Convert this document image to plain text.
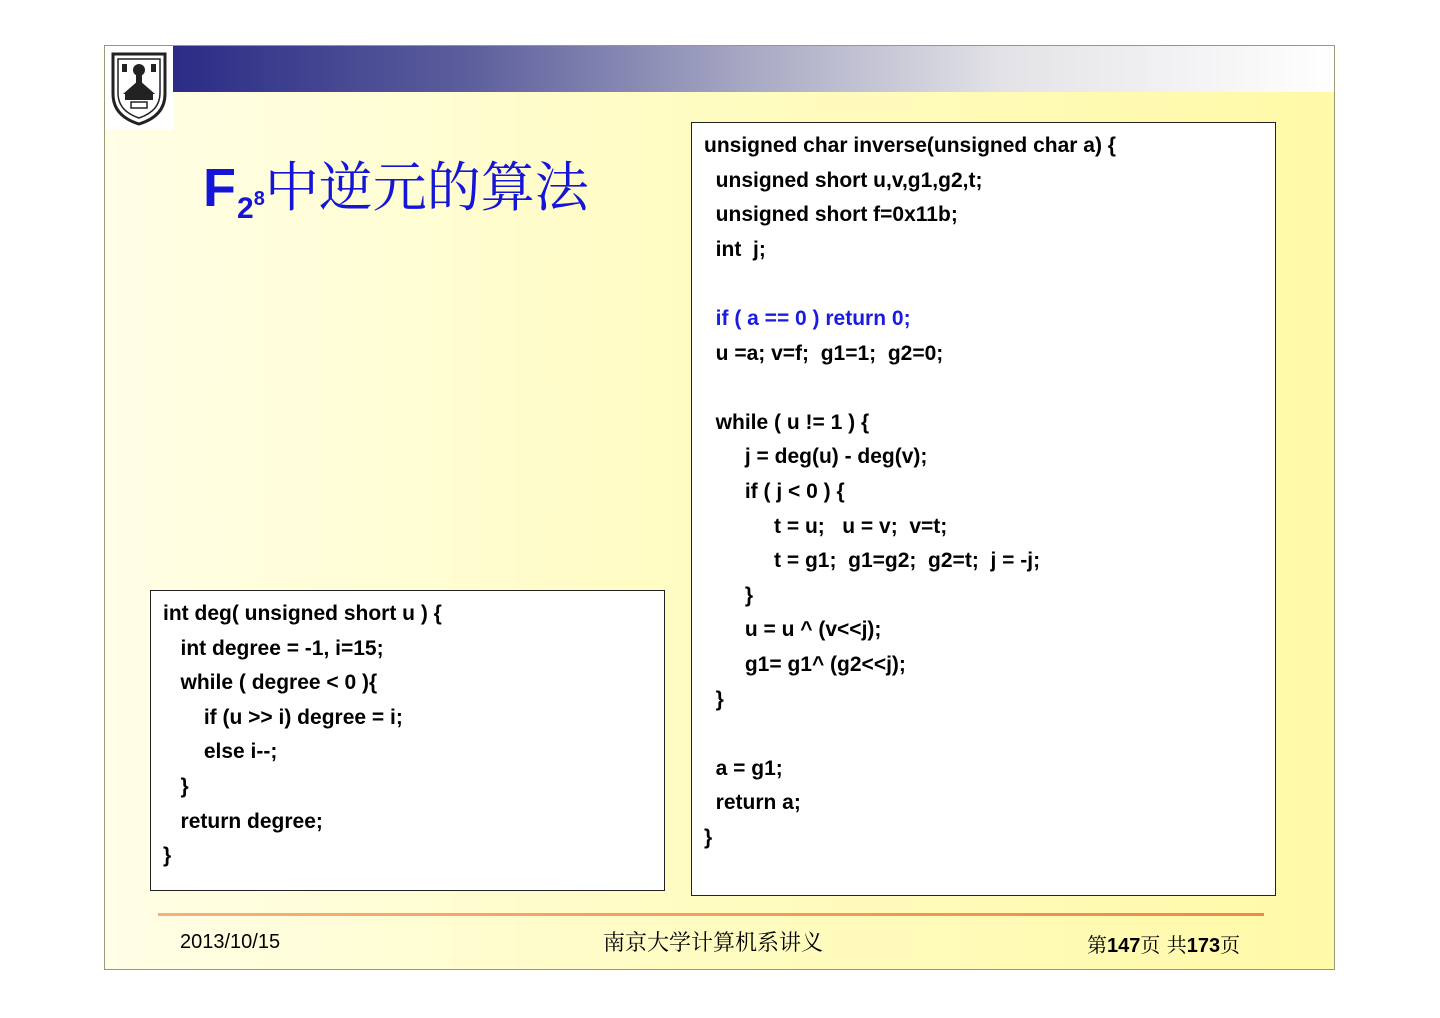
$F_28$中逆元的算法
unsigned char inverse(unsigned char a) {
unsigned short u,v,g1,g2,t;
unsigned short f=0x11b;
int  j;
if ( a == 0 ) return 0;
u =a; v=f;  g1=1;  g2=0;
while ( u != 1 ) {
j = deg(u) - deg(v);
if ( j < 0 ) {
t = u;   u = v;  v=t;
t = g1;  g1=g2;  g2=t;  j = -j;
}
u = u ^ (v<<j);
g1= g1^ (g2<<j);
}
a = g1;
return a;
}
int deg( unsigned short u ) {
int degree = -1, i=15;
while ( degree < 0 ){
if (u >> i) degree = i;
else i--;
}
return degree;
}
2013/10/15	南京大学计算机系讲义	第147页 共173页
